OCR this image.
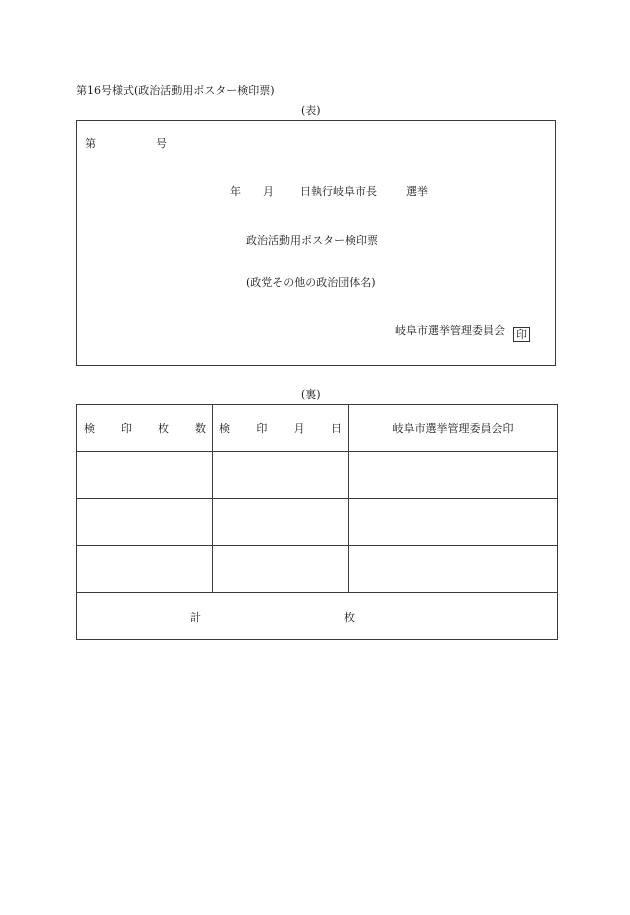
第16号様式(政治活動用ポスター検印票)
(表)
第	号
年 月 日執行岐阜市長	選挙
政治活動用ポスター検印票
(政党その他の政治団体名)
岐阜市選挙管理委員会 印
(裏)
検 印 枚 数	検 印 月 日	岐阜市選挙管理委員会印

計 枚		
